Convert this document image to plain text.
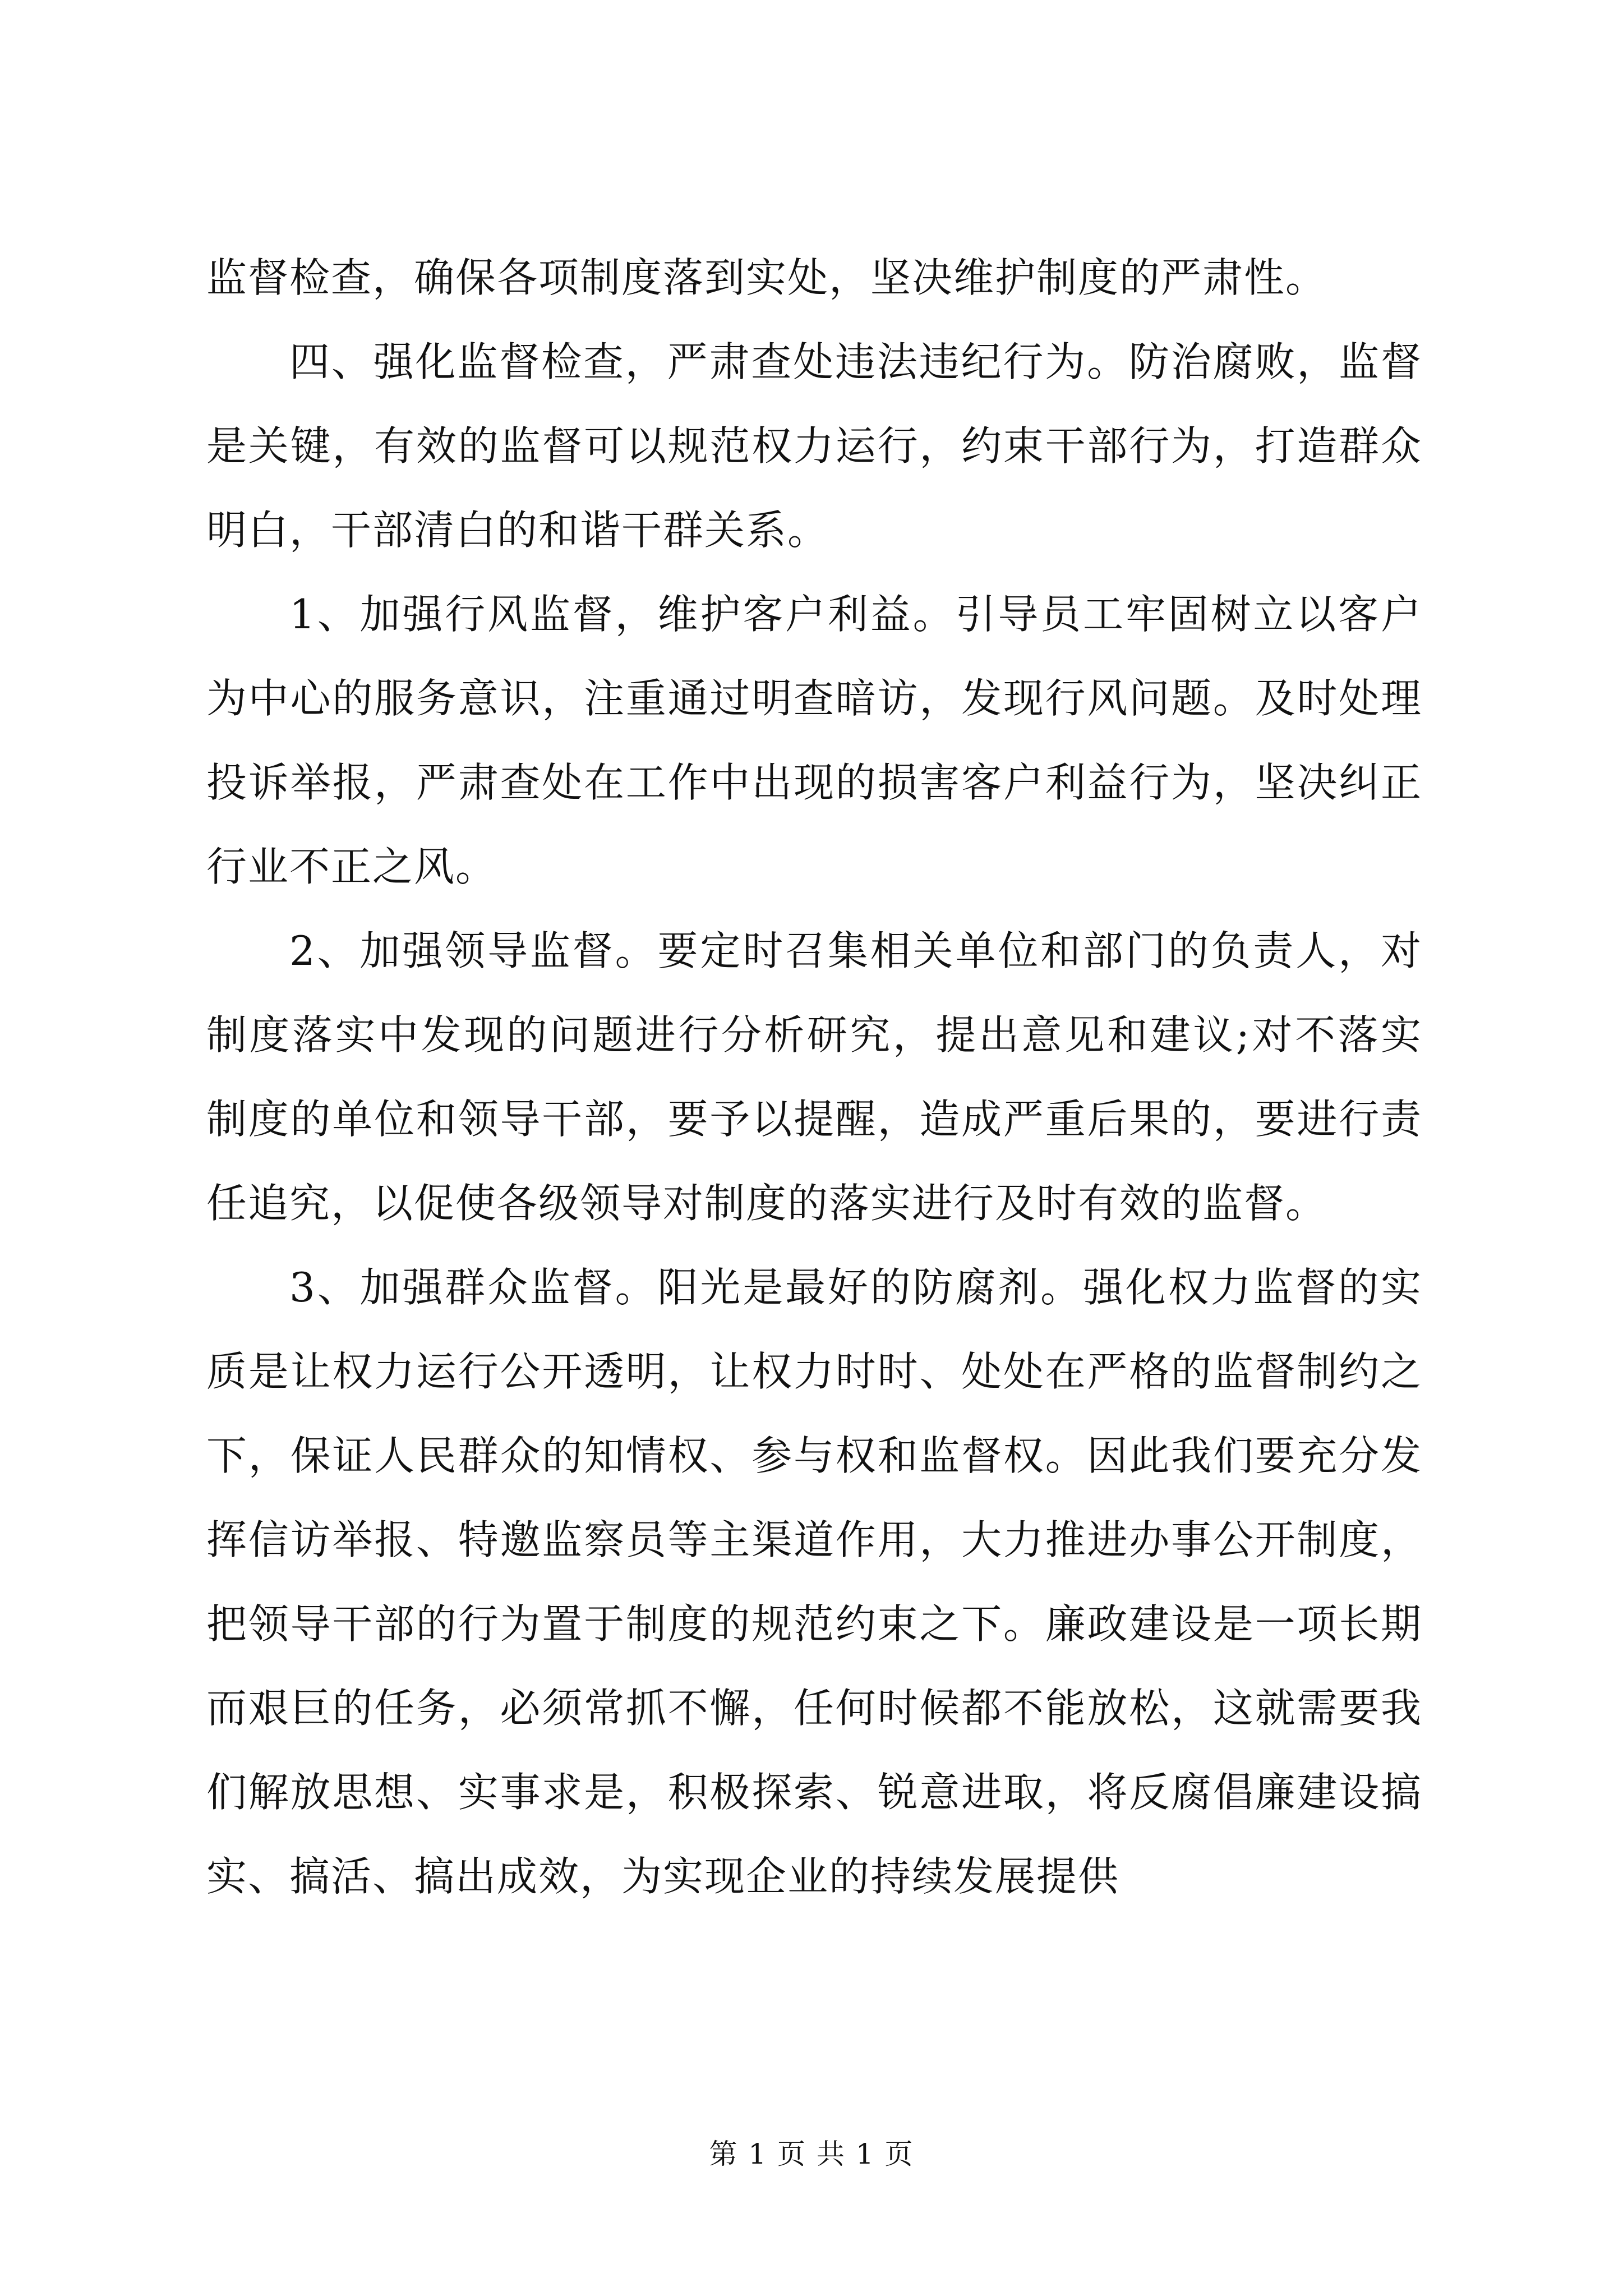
监督检查，确保各项制度落到实处，坚决维护制度的严肃性。

四、强化监督检查，严肃查处违法违纪行为。防治腐败，监督是关键，有效的监督可以规范权力运行，约束干部行为，打造群众明白，干部清白的和谐干群关系。

1、加强行风监督，维护客户利益。引导员工牢固树立以客户为中心的服务意识，注重通过明查暗访，发现行风问题。及时处理投诉举报，严肃查处在工作中出现的损害客户利益行为，坚决纠正行业不正之风。

2、加强领导监督。要定时召集相关单位和部门的负责人，对制度落实中发现的问题进行分析研究，提出意见和建议;对不落实制度的单位和领导干部，要予以提醒，造成严重后果的，要进行责任追究，以促使各级领导对制度的落实进行及时有效的监督。

3、加强群众监督。阳光是最好的防腐剂。强化权力监督的实质是让权力运行公开透明，让权力时时、处处在严格的监督制约之下，保证人民群众的知情权、参与权和监督权。因此我们要充分发挥信访举报、特邀监察员等主渠道作用，大力推进办事公开制度，把领导干部的行为置于制度的规范约束之下。廉政建设是一项长期而艰巨的任务，必须常抓不懈，任何时候都不能放松，这就需要我们解放思想、实事求是，积极探索、锐意进取，将反腐倡廉建设搞实、搞活、搞出成效，为实现企业的持续发展提供

第 1 页 共 1 页
